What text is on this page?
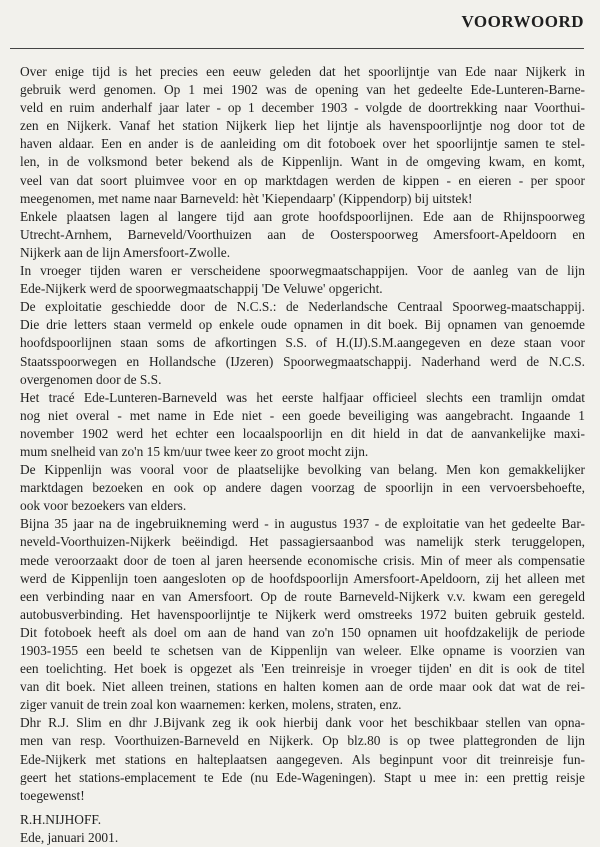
VOORWOORD
Over enige tijd is het precies een eeuw geleden dat het spoorlijntje van Ede naar Nijkerk in
gebruik werd genomen. Op 1 mei 1902 was de opening van het gedeelte Ede-Lunteren-Barne-
veld en ruim anderhalf jaar later - op 1 december 1903 - volgde de doortrekking naar Voorthui-
zen en Nijkerk. Vanaf het station Nijkerk liep het lijntje als havenspoorlijntje nog door tot de
haven aldaar. Een en ander is de aanleiding om dit fotoboek over het spoorlijntje samen te stel-
len, in de volksmond beter bekend als de Kippenlijn. Want in de omgeving kwam, en komt,
veel van dat soort pluimvee voor en op marktdagen werden de kippen - en eieren - per spoor
meegenomen, met name naar Barneveld: hèt 'Kiependaarp' (Kippendorp) bij uitstek!
Enkele plaatsen lagen al langere tijd aan grote hoofdspoorlijnen. Ede aan de Rhijnspoorweg
Utrecht-Arnhem, Barneveld/Voorthuizen aan de Oosterspoorweg Amersfoort-Apeldoorn en
Nijkerk aan de lijn Amersfoort-Zwolle.
In vroeger tijden waren er verscheidene spoorwegmaatschappijen. Voor de aanleg van de lijn
Ede-Nijkerk werd de spoorwegmaatschappij 'De Veluwe' opgericht.
De exploitatie geschiedde door de N.C.S.: de Nederlandsche Centraal Spoorweg-maatschappij.
Die drie letters staan vermeld op enkele oude opnamen in dit boek. Bij opnamen van genoemde
hoofdspoorlijnen staan soms de afkortingen S.S. of H.(IJ).S.M.aangegeven en deze staan voor
Staatsspoorwegen en Hollandsche (IJzeren) Spoorwegmaatschappij. Naderhand werd de N.C.S.
overgenomen door de S.S.
Het tracé Ede-Lunteren-Barneveld was het eerste halfjaar officieel slechts een tramlijn omdat
nog niet overal - met name in Ede niet - een goede beveiliging was aangebracht. Ingaande 1
november 1902 werd het echter een locaalspoorlijn en dit hield in dat de aanvankelijke maxi-
mum snelheid van zo'n 15 km/uur twee keer zo groot mocht zijn.
De Kippenlijn was vooral voor de plaatselijke bevolking van belang. Men kon gemakkelijker
marktdagen bezoeken en ook op andere dagen voorzag de spoorlijn in een vervoersbehoefte,
ook voor bezoekers van elders.
Bijna 35 jaar na de ingebruikneming werd - in augustus 1937 - de exploitatie van het gedeelte Bar-
neveld-Voorthuizen-Nijkerk beëindigd. Het passagiersaanbod was namelijk sterk teruggelopen,
mede veroorzaakt door de toen al jaren heersende economische crisis. Min of meer als compensatie
werd de Kippenlijn toen aangesloten op de hoofdspoorlijn Amersfoort-Apeldoorn, zij het alleen met
een verbinding naar en van Amersfoort. Op de route Barneveld-Nijkerk v.v. kwam een geregeld
autobusverbinding. Het havenspoorlijntje te Nijkerk werd omstreeks 1972 buiten gebruik gesteld.
Dit fotoboek heeft als doel om aan de hand van zo'n 150 opnamen uit hoofdzakelijk de periode
1903-1955 een beeld te schetsen van de Kippenlijn van weleer. Elke opname is voorzien van
een toelichting. Het boek is opgezet als 'Een treinreisje in vroeger tijden' en dit is ook de titel
van dit boek. Niet alleen treinen, stations en halten komen aan de orde maar ook dat wat de rei-
ziger vanuit de trein zoal kon waarnemen: kerken, molens, straten, enz.
Dhr R.J. Slim en dhr J.Bijvank zeg ik ook hierbij dank voor het beschikbaar stellen van opna-
men van resp. Voorthuizen-Barneveld en Nijkerk. Op blz.80 is op twee plattegronden de lijn
Ede-Nijkerk met stations en halteplaatsen aangegeven. Als beginpunt voor dit treinreisje fun-
geert het stations-emplacement te Ede (nu Ede-Wageningen). Stapt u mee in: een prettig reisje
toegewenst!
R.H.NIJHOFF.
Ede, januari 2001.
